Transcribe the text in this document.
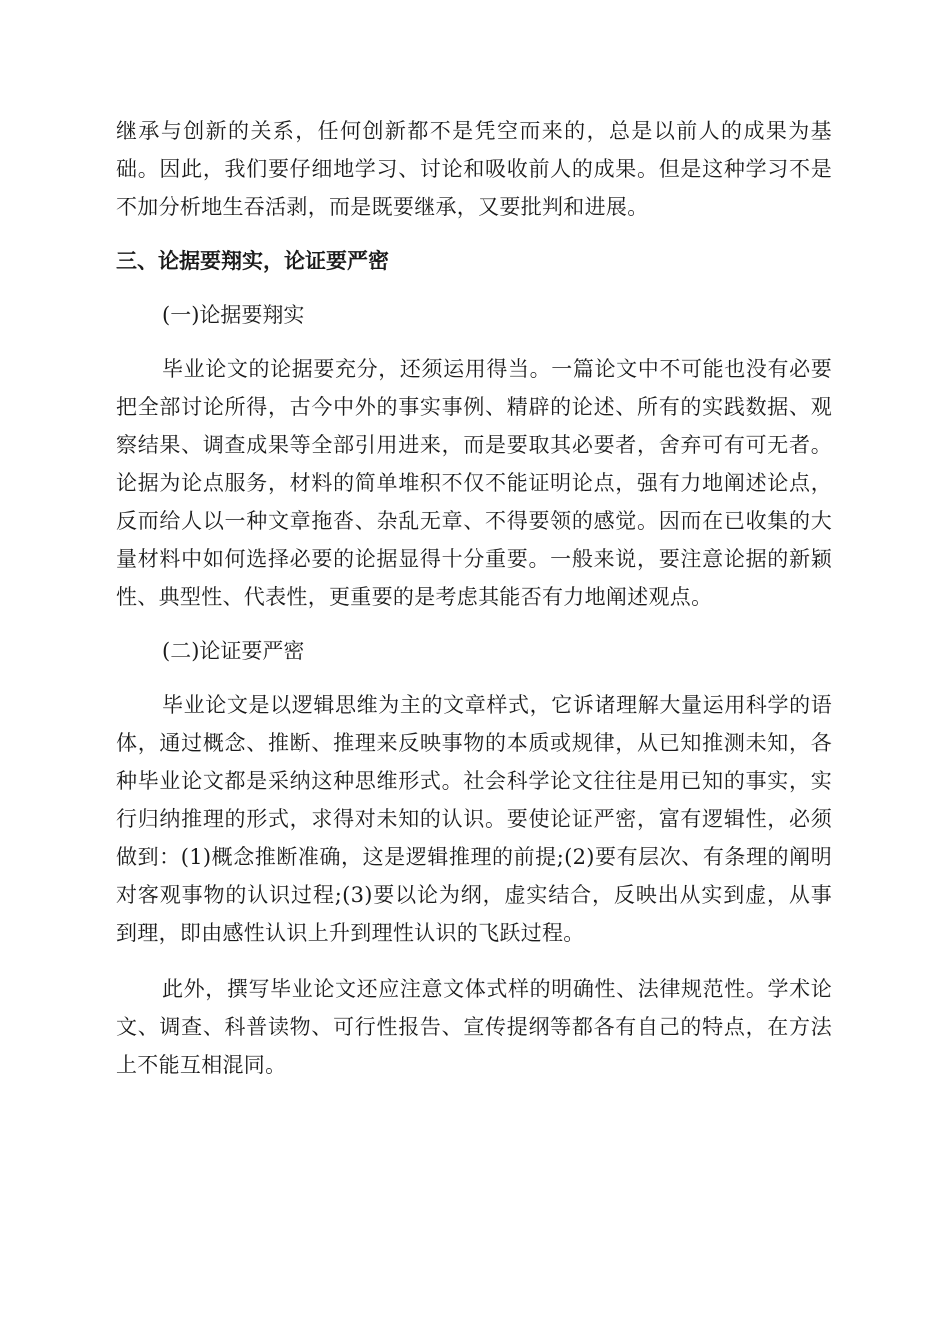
继承与创新的关系，任何创新都不是凭空而来的，总是以前人的成果为基础。因此，我们要仔细地学习、讨论和吸收前人的成果。但是这种学习不是不加分析地生吞活剥，而是既要继承，又要批判和进展。

三、论据要翔实，论证要严密

(一)论据要翔实

毕业论文的论据要充分，还须运用得当。一篇论文中不可能也没有必要把全部讨论所得，古今中外的事实事例、精辟的论述、所有的实践数据、观察结果、调查成果等全部引用进来，而是要取其必要者，舍弃可有可无者。论据为论点服务，材料的简单堆积不仅不能证明论点，强有力地阐述论点，反而给人以一种文章拖沓、杂乱无章、不得要领的感觉。因而在已收集的大量材料中如何选择必要的论据显得十分重要。一般来说，要注意论据的新颖性、典型性、代表性，更重要的是考虑其能否有力地阐述观点。

(二)论证要严密

毕业论文是以逻辑思维为主的文章样式，它诉诸理解大量运用科学的语体，通过概念、推断、推理来反映事物的本质或规律，从已知推测未知，各种毕业论文都是采纳这种思维形式。社会科学论文往往是用已知的事实，实行归纳推理的形式，求得对未知的认识。要使论证严密，富有逻辑性，必须做到：(1)概念推断准确，这是逻辑推理的前提;(2)要有层次、有条理的阐明对客观事物的认识过程;(3)要以论为纲，虚实结合，反映出从实到虚，从事到理，即由感性认识上升到理性认识的飞跃过程。

此外，撰写毕业论文还应注意文体式样的明确性、法律规范性。学术论文、调查、科普读物、可行性报告、宣传提纲等都各有自己的特点，在方法上不能互相混同。
